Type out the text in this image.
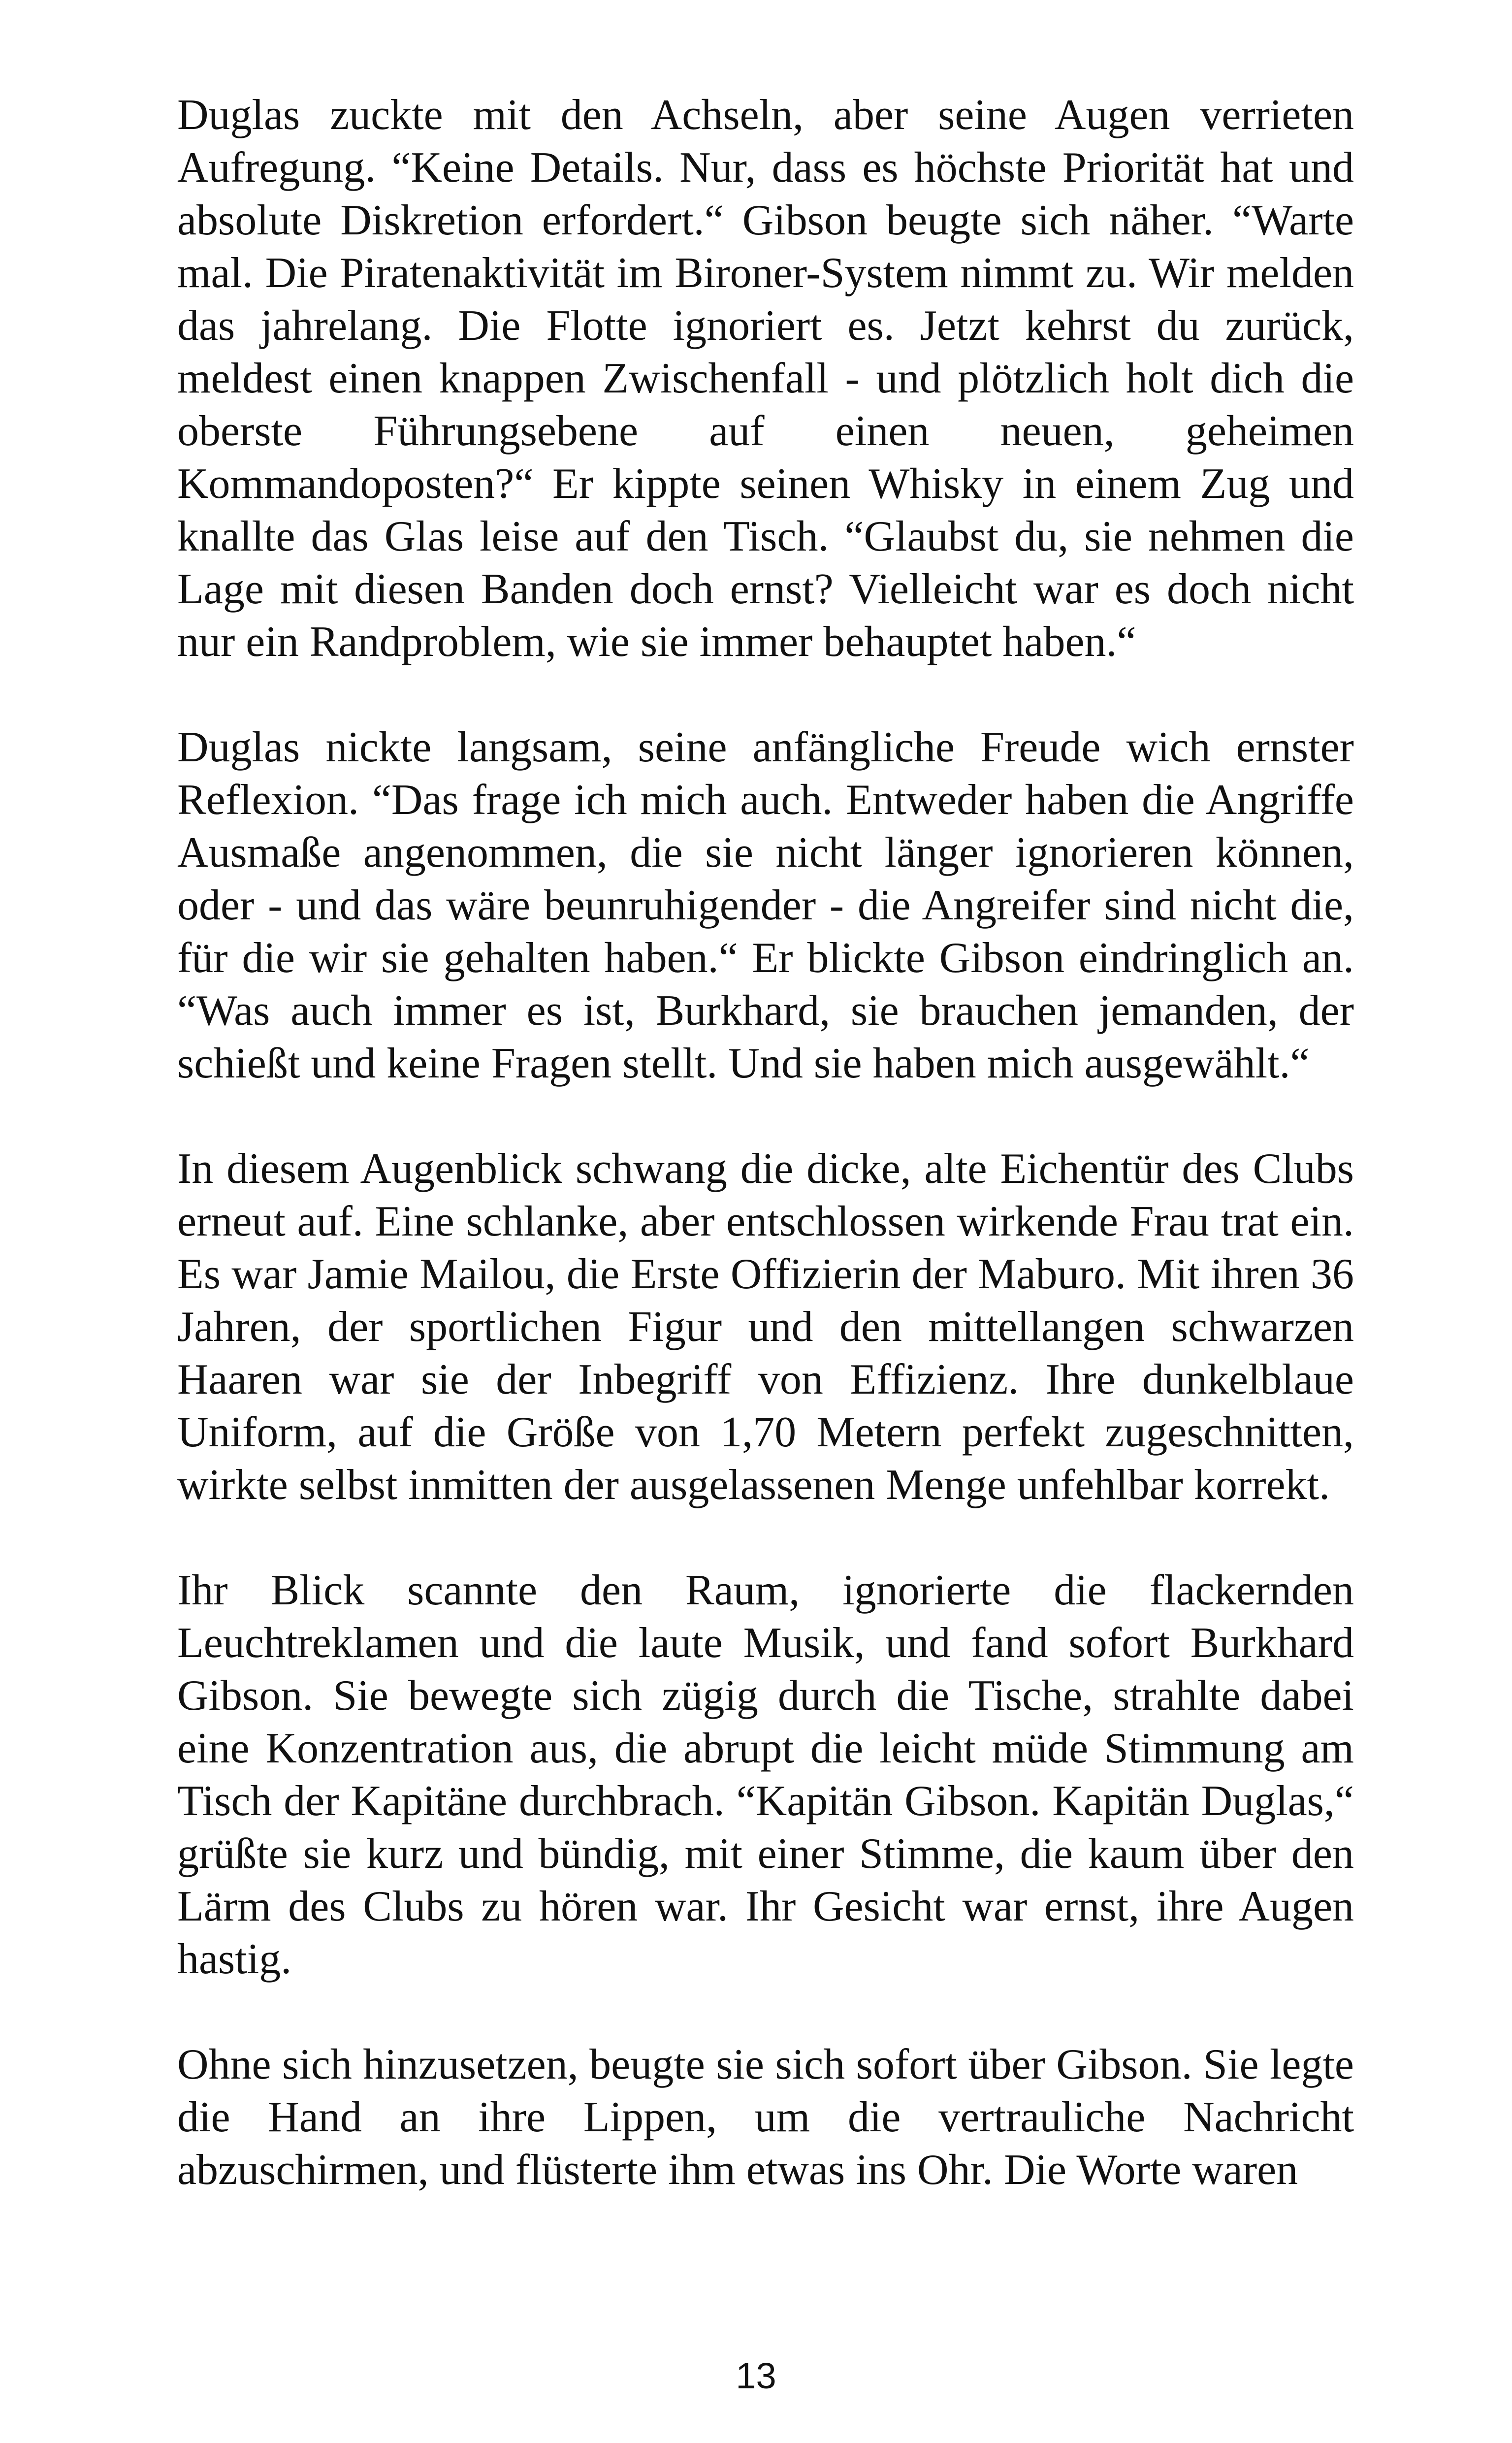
Duglas zuckte mit den Achseln, aber seine Augen verrieten Aufregung. “Keine Details. Nur, dass es höchste Priorität hat und absolute Diskretion erfordert.“ Gibson beugte sich näher. “Warte mal. Die Piratenaktivität im Bironer-System nimmt zu. Wir melden das jahrelang. Die Flotte ignoriert es. Jetzt kehrst du zurück, meldest einen knappen Zwischenfall - und plötzlich holt dich die oberste Führungsebene auf einen neuen, geheimen Kommandoposten?“ Er kippte seinen Whisky in einem Zug und knallte das Glas leise auf den Tisch. “Glaubst du, sie nehmen die Lage mit diesen Banden doch ernst? Vielleicht war es doch nicht nur ein Randproblem, wie sie immer behauptet haben.“

Duglas nickte langsam, seine anfängliche Freude wich ernster Reflexion. “Das frage ich mich auch. Entweder haben die Angriffe Ausmaße angenommen, die sie nicht länger ignorieren können, oder - und das wäre beunruhigender - die Angreifer sind nicht die, für die wir sie gehalten haben.“ Er blickte Gibson eindringlich an. “Was auch immer es ist, Burkhard, sie brauchen jemanden, der schießt und keine Fragen stellt. Und sie haben mich ausgewählt.“

In diesem Augenblick schwang die dicke, alte Eichentür des Clubs erneut auf. Eine schlanke, aber entschlossen wirkende Frau trat ein. Es war Jamie Mailou, die Erste Offizierin der Maburo. Mit ihren 36 Jahren, der sportlichen Figur und den mittellangen schwarzen Haaren war sie der Inbegriff von Effizienz. Ihre dunkelblaue Uniform, auf die Größe von 1,70 Metern perfekt zugeschnitten, wirkte selbst inmitten der ausgelassenen Menge unfehlbar korrekt.

Ihr Blick scannte den Raum, ignorierte die flackernden Leuchtreklamen und die laute Musik, und fand sofort Burkhard Gibson. Sie bewegte sich zügig durch die Tische, strahlte dabei eine Konzentration aus, die abrupt die leicht müde Stimmung am Tisch der Kapitäne durchbrach. “Kapitän Gibson. Kapitän Duglas,“ grüßte sie kurz und bündig, mit einer Stimme, die kaum über den Lärm des Clubs zu hören war. Ihr Gesicht war ernst, ihre Augen hastig.

Ohne sich hinzusetzen, beugte sie sich sofort über Gibson. Sie legte die Hand an ihre Lippen, um die vertrauliche Nachricht abzuschirmen, und flüsterte ihm etwas ins Ohr. Die Worte waren

13
